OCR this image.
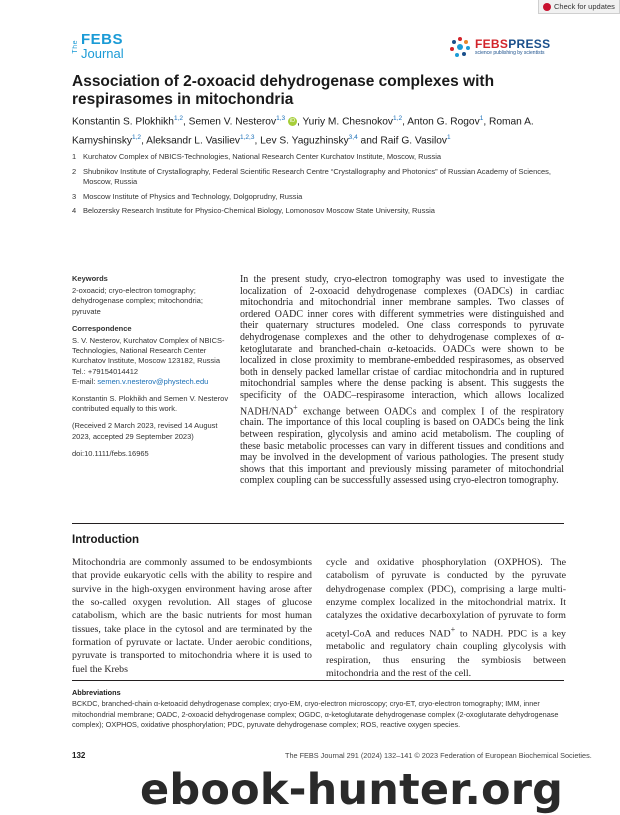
Check for updates
The FEBS
Journal
FEBSPRESS
science publishing by scientists
Association of 2-oxoacid dehydrogenase complexes with respirasomes in mitochondria
Konstantin S. Plokhikh$^{1,2}$, Semen V. Nesterov$^{1,3}$ iD , Yuriy M. Chesnokov$^{1,2}$, Anton G. Rogov$^1$, Roman A. Kamyshinsky$^{1,2}$, Aleksandr L. Vasiliev$^{1,2,3}$, Lev S. Yaguzhinsky$^{3,4}$ and Raif G. Vasilov$^1$
1 Kurchatov Complex of NBICS-Technologies, National Research Center Kurchatov Institute, Moscow, Russia
2 Shubnikov Institute of Crystallography, Federal Scientific Research Centre “Crystallography and Photonics” of Russian Academy of Sciences, Moscow, Russia
3 Moscow Institute of Physics and Technology, Dolgoprudny, Russia
4 Belozersky Research Institute for Physico-Chemical Biology, Lomonosov Moscow State University, Russia
Keywords
2-oxoacid; cryo-electron tomography; dehydrogenase complex; mitochondria; pyruvate
Correspondence
S. V. Nesterov, Kurchatov Complex of NBICS-Technologies, National Research Center Kurchatov Institute, Moscow 123182, Russia
Tel.: +79154014412
E-mail: semen.v.nesterov@phystech.edu
Konstantin S. Plokhikh and Semen V. Nesterov contributed equally to this work.
(Received 2 March 2023, revised 14 August 2023, accepted 29 September 2023)
doi:10.1111/febs.16965

In the present study, cryo-electron tomography was used to investigate the localization of 2-oxoacid dehydrogenase complexes (OADCs) in cardiac mitochondria and mitochondrial inner membrane samples. Two classes of ordered OADC inner cores with different symmetries were distinguished and their quaternary structures modeled. One class corresponds to pyruvate dehydrogenase complexes and the other to dehydrogenase complexes of α-ketoglutarate and branched-chain α-ketoacids. OADCs were shown to be localized in close proximity to membrane-embedded respirasomes, as observed both in densely packed lamellar cristae of cardiac mitochondria and in ruptured mitochondrial samples where the dense packing is absent. This suggests the specificity of the OADC–respirasome interaction, which allows localized NADH/NAD+ exchange between OADCs and complex I of the respiratory chain. The importance of this local coupling is based on OADCs being the link between respiration, glycolysis and amino acid metabolism. The coupling of these basic metabolic processes can vary in different tissues and conditions and may be involved in the development of various pathologies. The present study shows that this important and previously missing parameter of mitochondrial complex coupling can be successfully assessed using cryo-electron tomography.

Introduction

Mitochondria are commonly assumed to be endosymbionts that provide eukaryotic cells with the ability to respire and survive in the high-oxygen environment having arose after the so-called oxygen revolution. All stages of glucose catabolism, which are the basic nutrients for most human tissues, take place in the cytosol and are terminated by the formation of pyruvate or lactate. Under aerobic conditions, pyruvate is transported to mitochondria where it is used to fuel the Krebs

cycle and oxidative phosphorylation (OXPHOS). The catabolism of pyruvate is conducted by the pyruvate dehydrogenase complex (PDC), comprising a large multi-enzyme complex localized in the mitochondrial matrix. It catalyzes the oxidative decarboxylation of pyruvate to form acetyl-CoA and reduces NAD+ to NADH. PDC is a key metabolic and regulatory chain coupling glycolysis with respiration, thus ensuring the symbiosis between mitochondria and the rest of the cell.

Abbreviations
BCKDC, branched-chain α-ketoacid dehydrogenase complex; cryo-EM, cryo-electron microscopy; cryo-ET, cryo-electron tomography; IMM, inner mitochondrial membrane; OADC, 2-oxoacid dehydrogenase complex; OGDC, α-ketoglutarate dehydrogenase complex (2-oxoglutarate dehydrogenase complex); OXPHOS, oxidative phosphorylation; PDC, pyruvate dehydrogenase complex; ROS, reactive oxygen species.
132	The FEBS Journal 291 (2024) 132–141 © 2023 Federation of European Biochemical Societies.
ebook-hunter.org
